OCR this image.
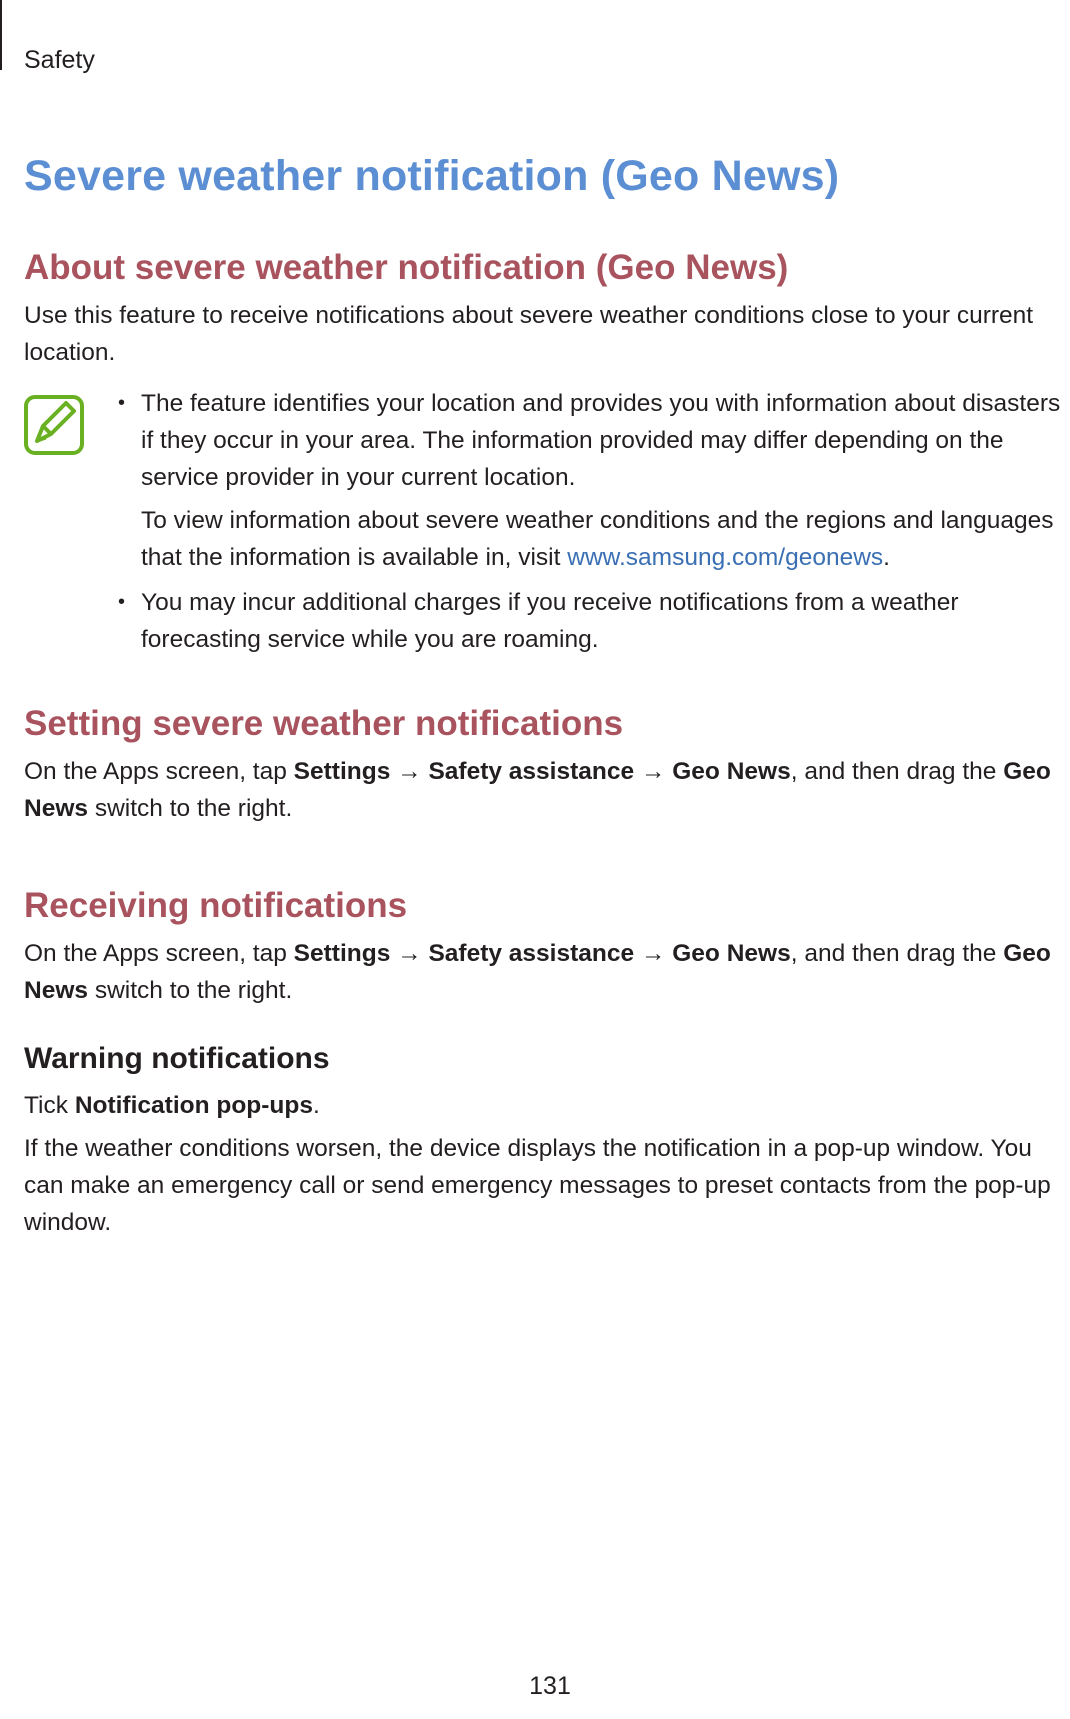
Safety
Severe weather notification (Geo News)
About severe weather notification (Geo News)

Use this feature to receive notifications about severe weather conditions close to your current location.

• The feature identifies your location and provides you with information about disasters if they occur in your area. The information provided may differ depending on the service provider in your current location.

To view information about severe weather conditions and the regions and languages that the information is available in, visit www.samsung.com/geonews.

• You may incur additional charges if you receive notifications from a weather forecasting service while you are roaming.

Setting severe weather notifications

On the Apps screen, tap Settings → Safety assistance → Geo News, and then drag the Geo News switch to the right.

Receiving notifications

On the Apps screen, tap Settings → Safety assistance → Geo News, and then drag the Geo News switch to the right.

Warning notifications

Tick Notification pop-ups.

If the weather conditions worsen, the device displays the notification in a pop-up window. You can make an emergency call or send emergency messages to preset contacts from the pop-up window.

131
